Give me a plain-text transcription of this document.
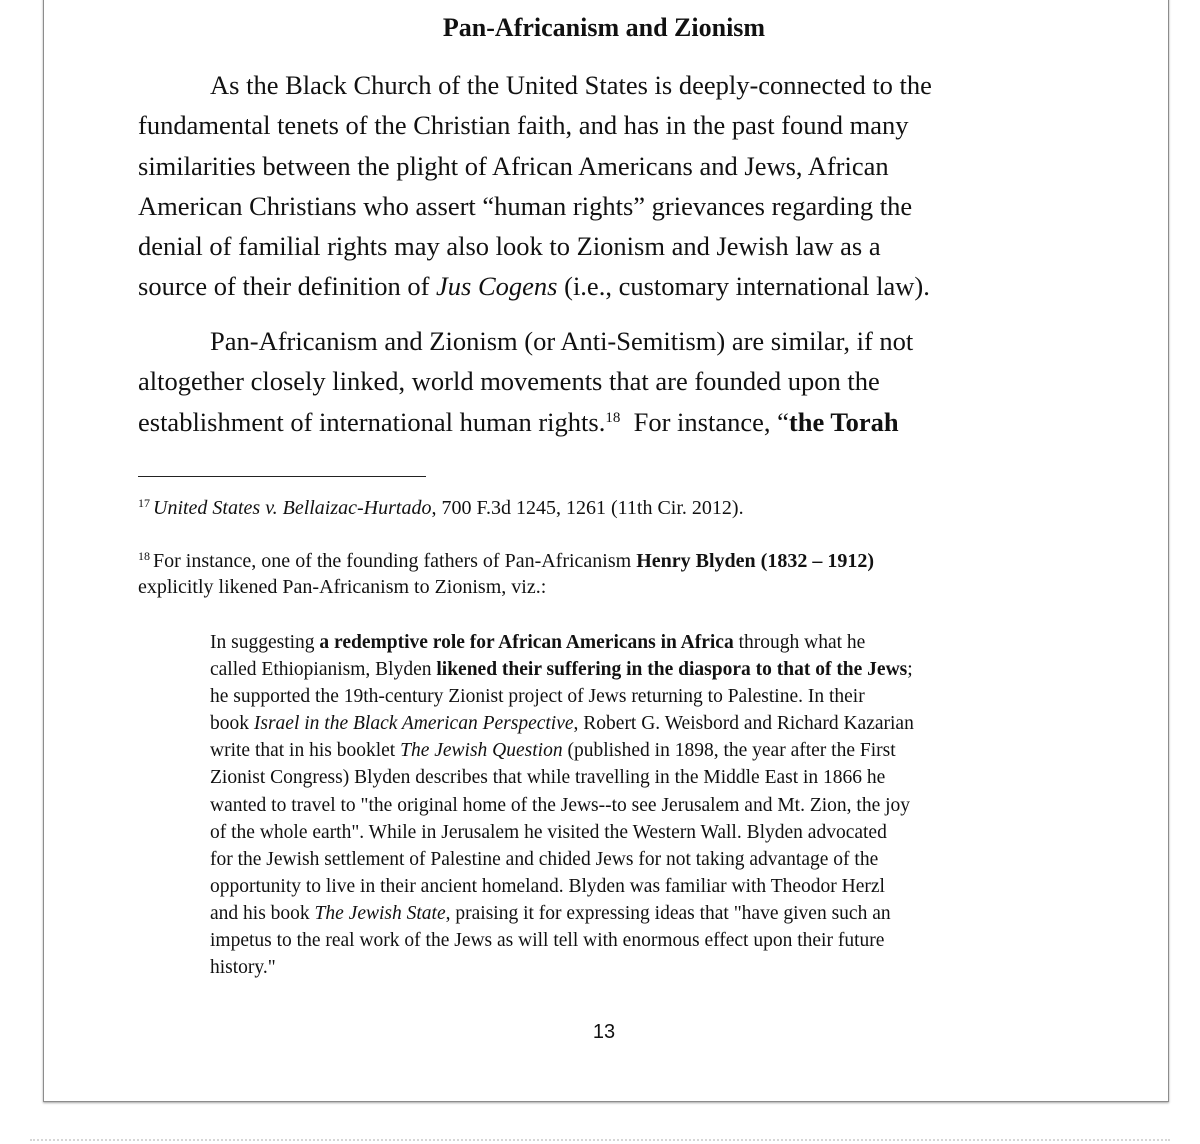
Pan-Africanism and Zionism

As the Black Church of the United States is deeply-connected to the
fundamental tenets of the Christian faith, and has in the past found many
similarities between the plight of African Americans and Jews, African
American Christians who assert “human rights” grievances regarding the
denial of familial rights may also look to Zionism and Jewish law as a
source of their definition of Jus Cogens (i.e., customary international law).

Pan-Africanism and Zionism (or Anti-Semitism) are similar, if not
altogether closely linked, world movements that are founded upon the
establishment of international human rights.$^{18}$  For instance, “the Torah

$^{17}$ United States v. Bellaizac-Hurtado, 700 F.3d 1245, 1261 (11th Cir. 2012).
$^{18}$ For instance, one of the founding fathers of Pan-Africanism Henry Blyden (1832 – 1912)
explicitly likened Pan-Africanism to Zionism, viz.:
In suggesting a redemptive role for African Americans in Africa through what he
called Ethiopianism, Blyden likened their suffering in the diaspora to that of the Jews;
he supported the 19th-century Zionist project of Jews returning to Palestine. In their
book Israel in the Black American Perspective, Robert G. Weisbord and Richard Kazarian
write that in his booklet The Jewish Question (published in 1898, the year after the First
Zionist Congress) Blyden describes that while travelling in the Middle East in 1866 he
wanted to travel to "the original home of the Jews--to see Jerusalem and Mt. Zion, the joy
of the whole earth". While in Jerusalem he visited the Western Wall. Blyden advocated
for the Jewish settlement of Palestine and chided Jews for not taking advantage of the
opportunity to live in their ancient homeland. Blyden was familiar with Theodor Herzl
and his book The Jewish State, praising it for expressing ideas that "have given such an
impetus to the real work of the Jews as will tell with enormous effect upon their future
history."
13
